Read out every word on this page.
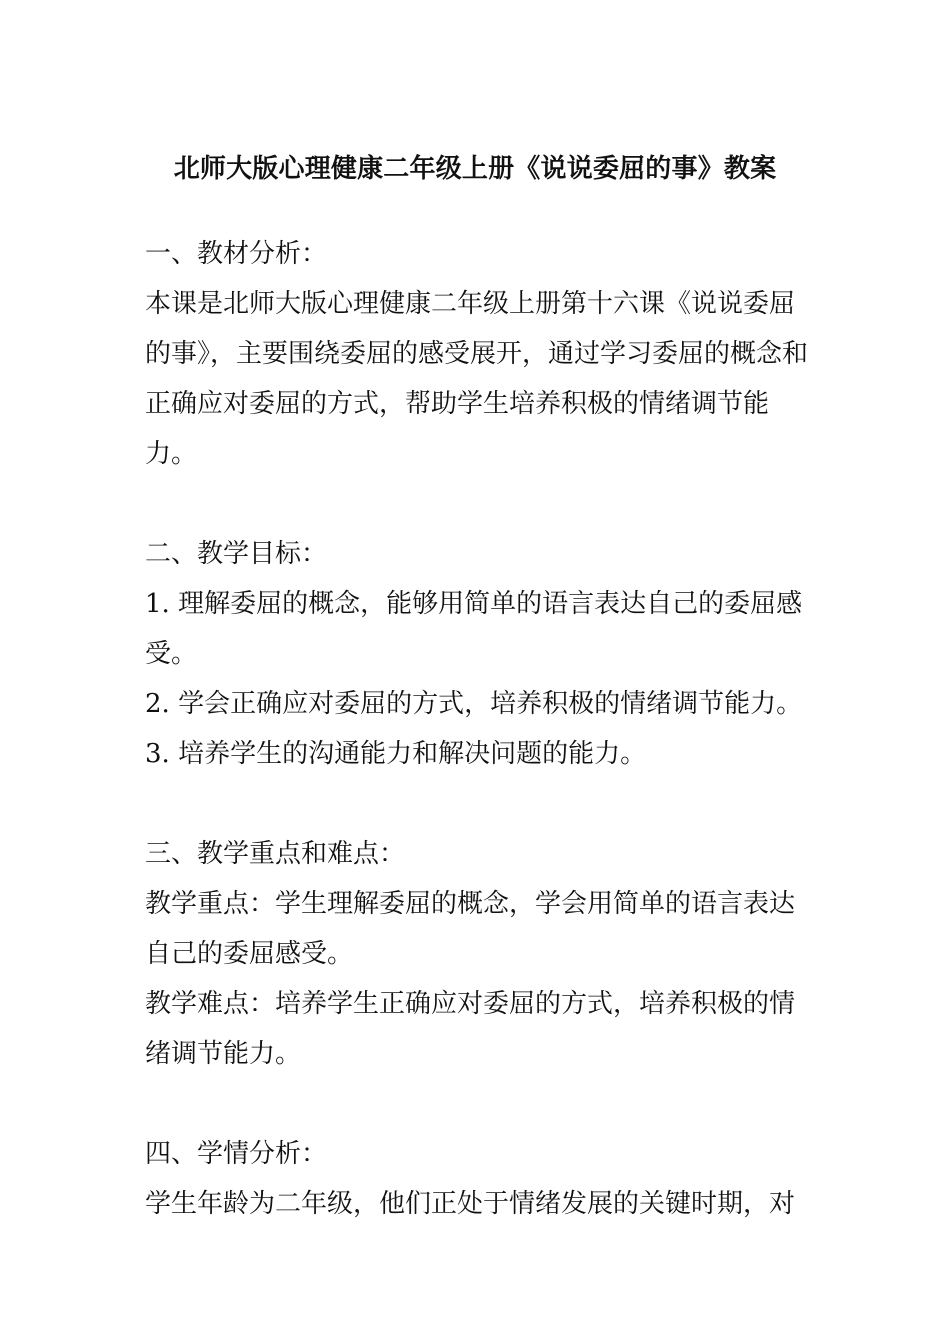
北师大版心理健康二年级上册《说说委屈的事》教案
一、教材分析：

本课是北师大版心理健康二年级上册第十六课《说说委屈的事》，主要围绕委屈的感受展开，通过学习委屈的概念和正确应对委屈的方式，帮助学生培养积极的情绪调节能力。

二、教学目标：

1. 理解委屈的概念，能够用简单的语言表达自己的委屈感受。

2. 学会正确应对委屈的方式，培养积极的情绪调节能力。

3. 培养学生的沟通能力和解决问题的能力。

三、教学重点和难点：

教学重点：学生理解委屈的概念，学会用简单的语言表达自己的委屈感受。

教学难点：培养学生正确应对委屈的方式，培养积极的情绪调节能力。

四、学情分析：

学生年龄为二年级，他们正处于情绪发展的关键时期，对
